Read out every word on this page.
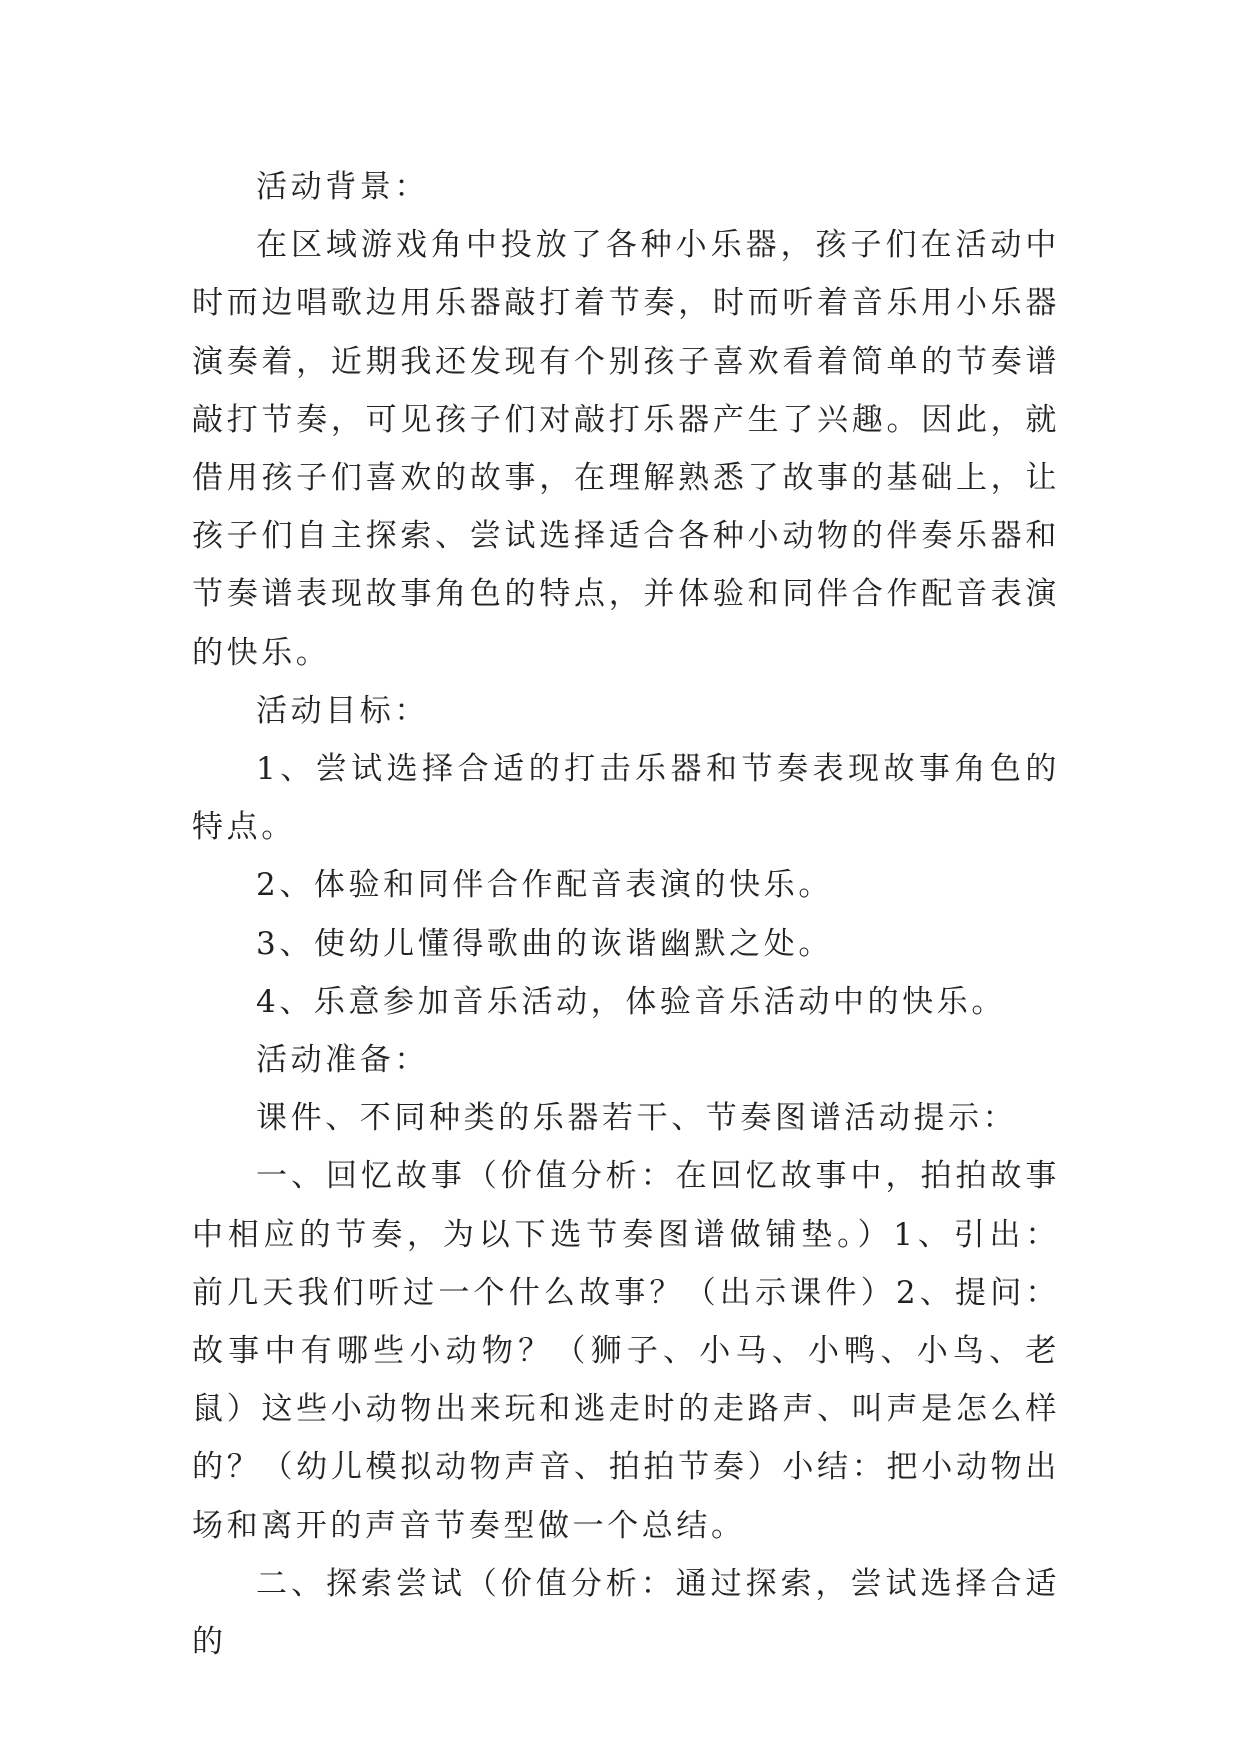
活动背景：

在区域游戏角中投放了各种小乐器，孩子们在活动中时而边唱歌边用乐器敲打着节奏，时而听着音乐用小乐器演奏着，近期我还发现有个别孩子喜欢看着简单的节奏谱敲打节奏，可见孩子们对敲打乐器产生了兴趣。因此，就借用孩子们喜欢的故事，在理解熟悉了故事的基础上，让孩子们自主探索、尝试选择适合各种小动物的伴奏乐器和节奏谱表现故事角色的特点，并体验和同伴合作配音表演的快乐。

活动目标：

1、尝试选择合适的打击乐器和节奏表现故事角色的特点。

2、体验和同伴合作配音表演的快乐。

3、使幼儿懂得歌曲的诙谐幽默之处。

4、乐意参加音乐活动，体验音乐活动中的快乐。

活动准备：

课件、不同种类的乐器若干、节奏图谱活动提示：

一、回忆故事（价值分析：在回忆故事中，拍拍故事中相应的节奏，为以下选节奏图谱做铺垫。）1、引出：前几天我们听过一个什么故事？（出示课件）2、提问：故事中有哪些小动物？（狮子、小马、小鸭、小鸟、老鼠）这些小动物出来玩和逃走时的走路声、叫声是怎么样的？（幼儿模拟动物声音、拍拍节奏）小结：把小动物出场和离开的声音节奏型做一个总结。

二、探索尝试（价值分析：通过探索，尝试选择合适的
